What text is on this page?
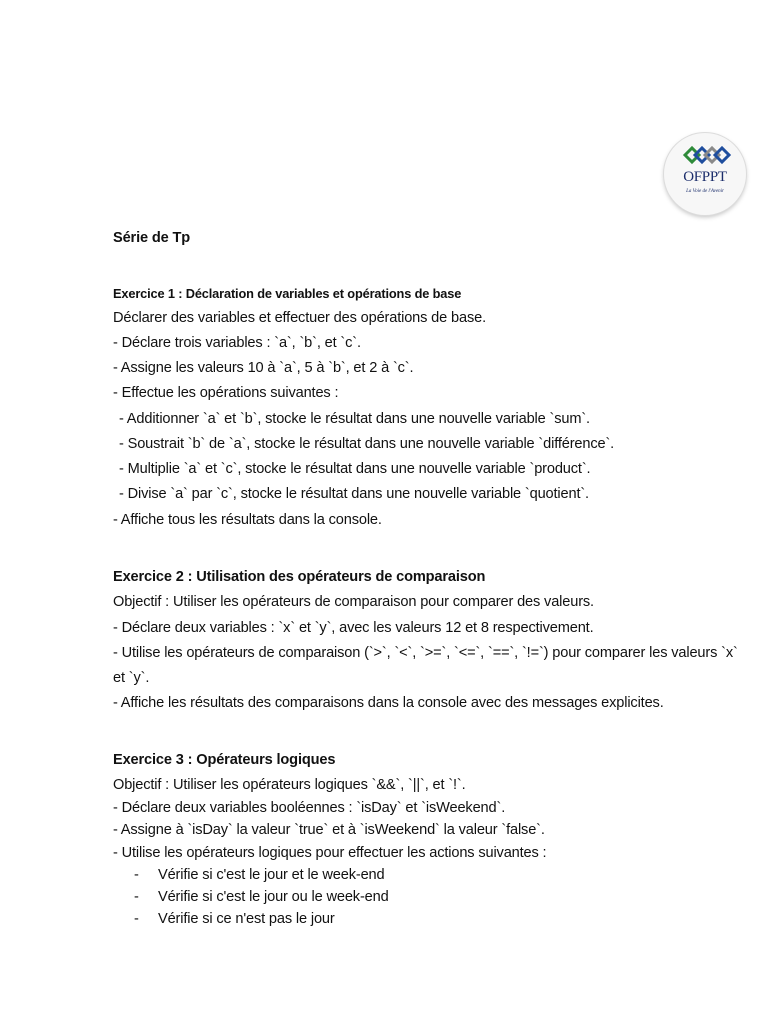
OFPPT
La Voie de l'Avenir
Série de Tp
Exercice 1 : Déclaration de variables et opérations de base
Déclarer des variables et effectuer des opérations de base.
- Déclare trois variables : `a`, `b`, et `c`.
- Assigne les valeurs 10 à `a`, 5 à `b`, et 2 à `c`.
- Effectue les opérations suivantes :
- Additionner `a` et `b`, stocke le résultat dans une nouvelle variable `sum`.
- Soustrait `b` de `a`, stocke le résultat dans une nouvelle variable `différence`.
- Multiplie `a` et `c`, stocke le résultat dans une nouvelle variable `product`.
- Divise `a` par `c`, stocke le résultat dans une nouvelle variable `quotient`.
- Affiche tous les résultats dans la console.
Exercice 2 : Utilisation des opérateurs de comparaison
Objectif : Utiliser les opérateurs de comparaison pour comparer des valeurs.
- Déclare deux variables : `x` et `y`, avec les valeurs 12 et 8 respectivement.
- Utilise les opérateurs de comparaison (`>`, `<`, `>=`, `<=`, `==`, `!=`) pour comparer les valeurs `x`
et `y`.
- Affiche les résultats des comparaisons dans la console avec des messages explicites.
Exercice 3 : Opérateurs logiques
Objectif : Utiliser les opérateurs logiques `&&`, `||`, et `!`.
- Déclare deux variables booléennes : `isDay` et `isWeekend`.
- Assigne à `isDay` la valeur `true` et à `isWeekend` la valeur `false`.
- Utilise les opérateurs logiques pour effectuer les actions suivantes :
- Vérifie si c'est le jour et le week-end
- Vérifie si c'est le jour ou le week-end
- Vérifie si ce n'est pas le jour
